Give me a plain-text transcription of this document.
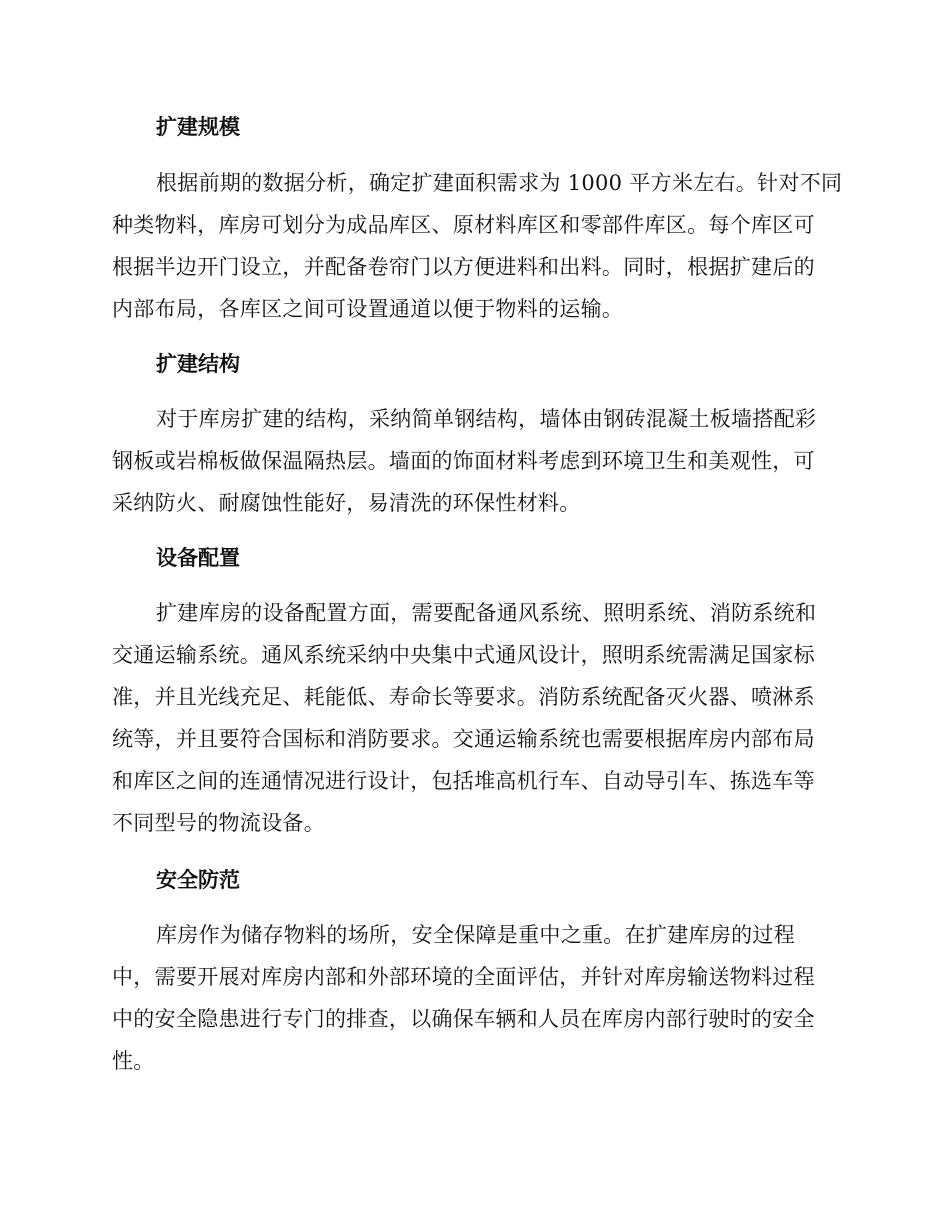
扩建规模
根据前期的数据分析，确定扩建面积需求为 1000 平方米左右。针对不同
种类物料，库房可划分为成品库区、原材料库区和零部件库区。每个库区可
根据半边开门设立，并配备卷帘门以方便进料和出料。同时，根据扩建后的
内部布局，各库区之间可设置通道以便于物料的运输。
扩建结构
对于库房扩建的结构，采纳简单钢结构，墙体由钢砖混凝土板墙搭配彩
钢板或岩棉板做保温隔热层。墙面的饰面材料考虑到环境卫生和美观性，可
采纳防火、耐腐蚀性能好，易清洗的环保性材料。
设备配置
扩建库房的设备配置方面，需要配备通风系统、照明系统、消防系统和
交通运输系统。通风系统采纳中央集中式通风设计，照明系统需满足国家标
准，并且光线充足、耗能低、寿命长等要求。消防系统配备灭火器、喷淋系
统等，并且要符合国标和消防要求。交通运输系统也需要根据库房内部布局
和库区之间的连通情况进行设计，包括堆高机行车、自动导引车、拣选车等
不同型号的物流设备。
安全防范
库房作为储存物料的场所，安全保障是重中之重。在扩建库房的过程
中，需要开展对库房内部和外部环境的全面评估，并针对库房输送物料过程
中的安全隐患进行专门的排查，以确保车辆和人员在库房内部行驶时的安全
性。
